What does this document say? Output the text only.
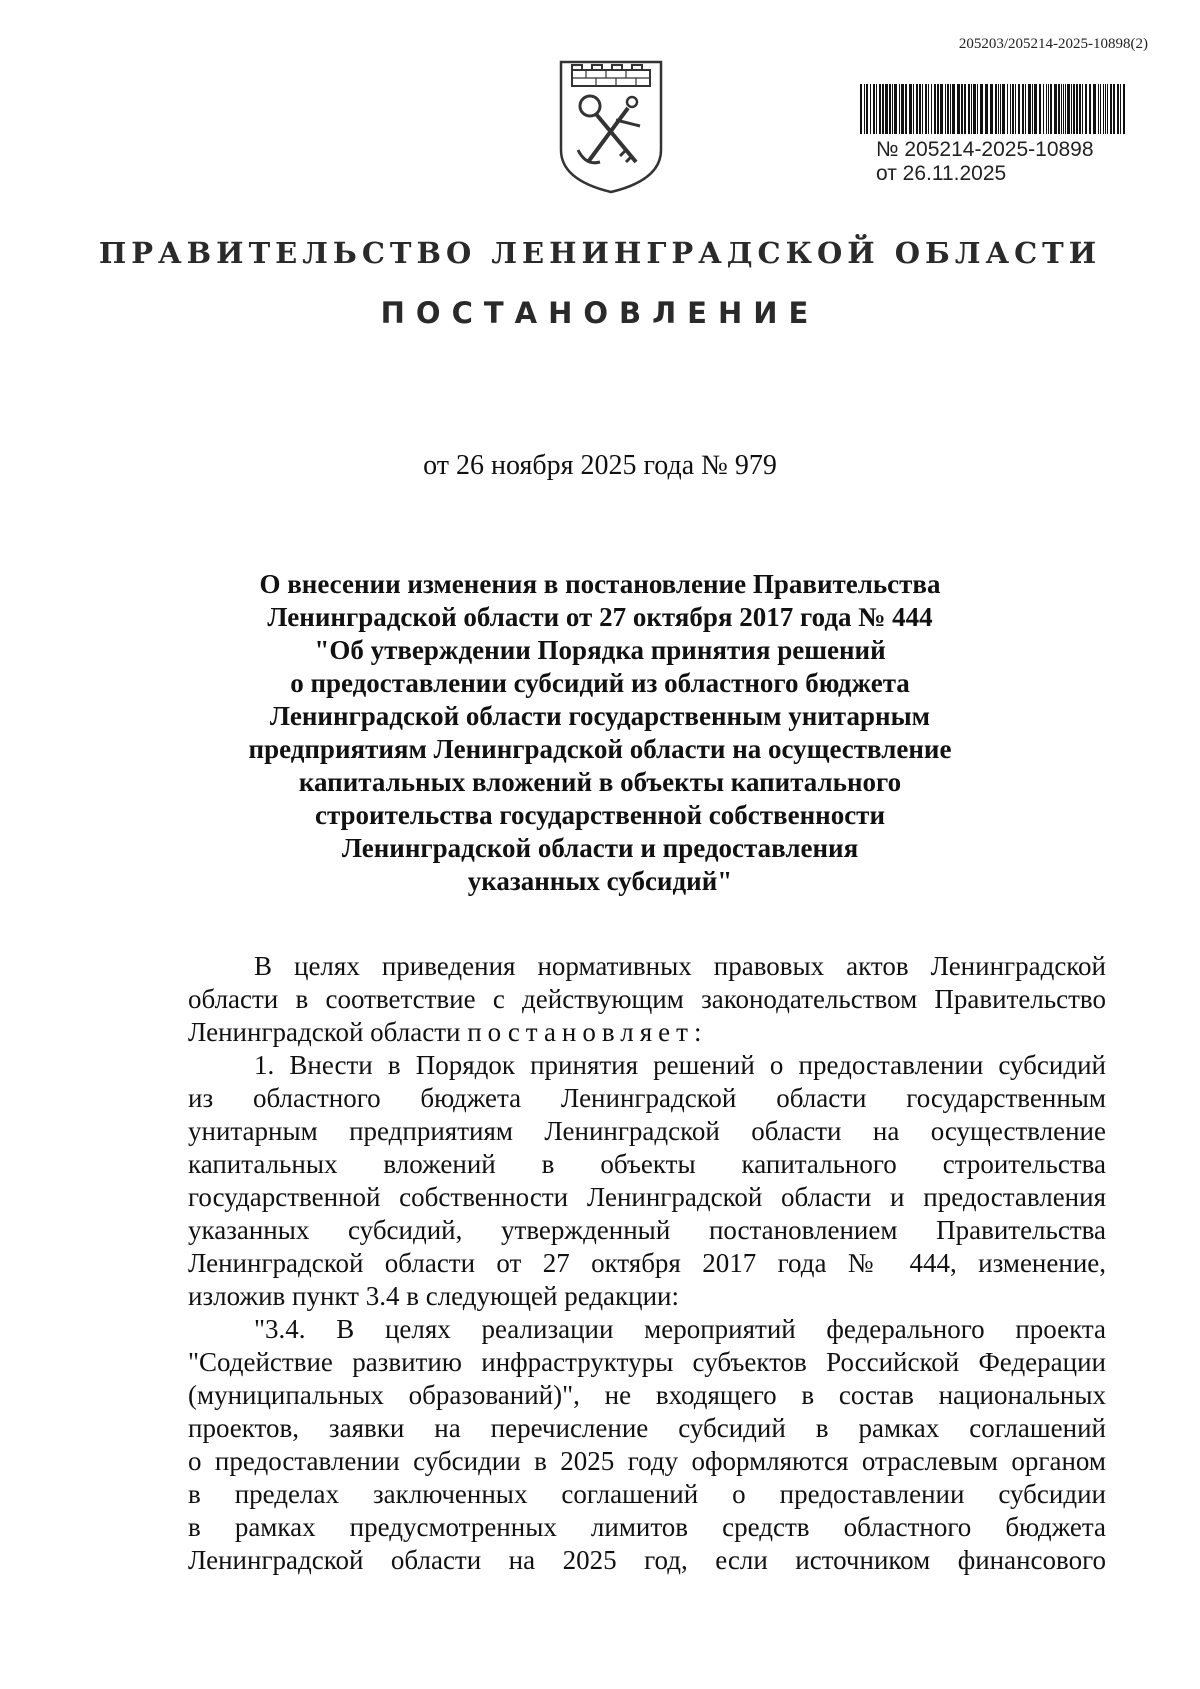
205203/205214-2025-10898(2)
№ 205214-2025-10898
от 26.11.2025
ПРАВИТЕЛЬСТВО ЛЕНИНГРАДСКОЙ ОБЛАСТИ
ПОСТАНОВЛЕНИЕ
от 26 ноября 2025 года № 979
О внесении изменения в постановление Правительства
Ленинградской области от 27 октября 2017 года № 444
"Об утверждении Порядка принятия решений
о предоставлении субсидий из областного бюджета
Ленинградской области государственным унитарным
предприятиям Ленинградской области на осуществление
капитальных вложений в объекты капитального
строительства государственной собственности
Ленинградской области и предоставления
указанных субсидий"
В целях приведения нормативных правовых актов Ленинградской
области в соответствие с действующим законодательством Правительство
Ленинградской области постановляет:
1. Внести в Порядок принятия решений о предоставлении субсидий
из областного бюджета Ленинградской области государственным
унитарным предприятиям Ленинградской области на осуществление
капитальных вложений в объекты капитального строительства
государственной собственности Ленинградской области и предоставления
указанных субсидий, утвержденный постановлением Правительства
Ленинградской области от 27 октября 2017 года № 444, изменение,
изложив пункт 3.4 в следующей редакции:
"3.4. В целях реализации мероприятий федерального проекта
"Содействие развитию инфраструктуры субъектов Российской Федерации
(муниципальных образований)", не входящего в состав национальных
проектов, заявки на перечисление субсидий в рамках соглашений
о предоставлении субсидии в 2025 году оформляются отраслевым органом
в пределах заключенных соглашений о предоставлении субсидии
в рамках предусмотренных лимитов средств областного бюджета
Ленинградской области на 2025 год, если источником финансового
